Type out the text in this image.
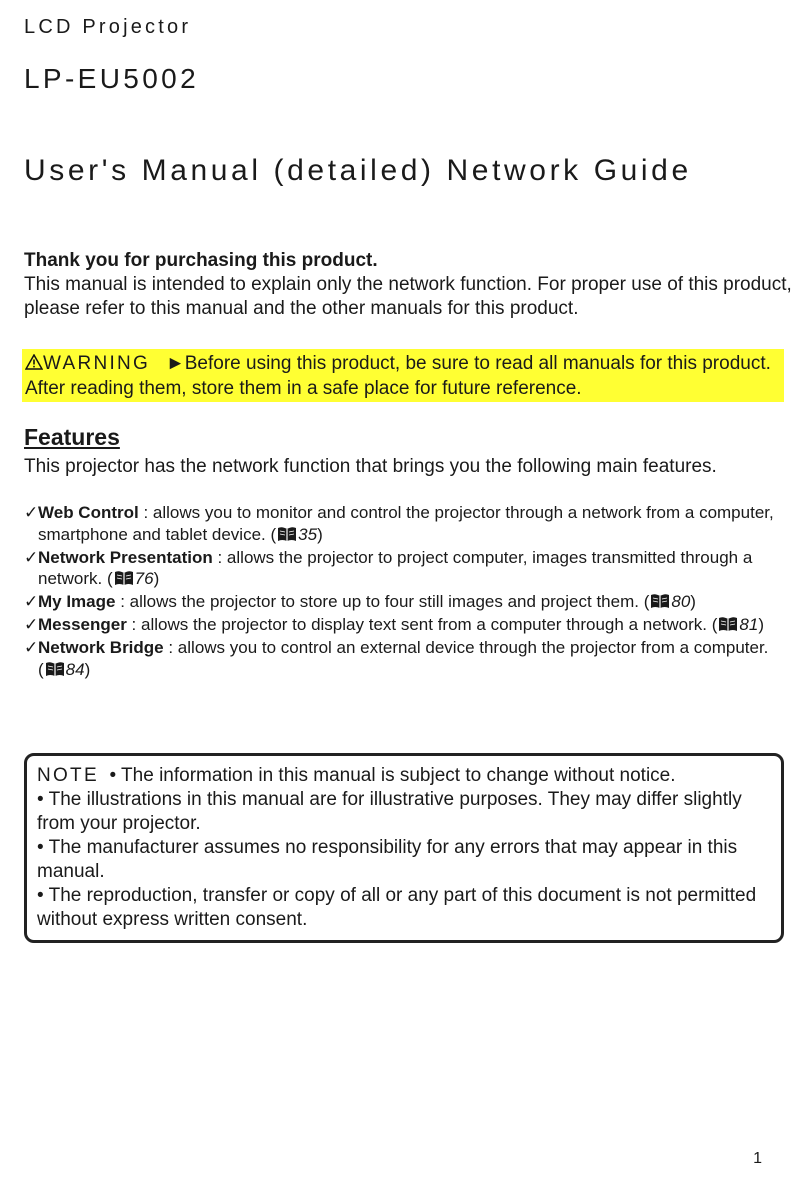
LCD Projector
LP-EU5002
User's Manual (detailed) Network Guide
Thank you for purchasing this product.
This manual is intended to explain only the network function. For proper use of this product, please refer to this manual and the other manuals for this product.
WARNING ►Before using this product, be sure to read all manuals for this product. After reading them, store them in a safe place for future reference.
Features
This projector has the network function that brings you the following main features.
✓ Web Control : allows you to monitor and control the projector through a network from a computer, smartphone and tablet device. ( 35)
✓ Network Presentation : allows the projector to project computer, images transmitted through a network. ( 76)
✓ My Image : allows the projector to store up to four still images and project them. ( 80)
✓ Messenger : allows the projector to display text sent from a computer through a network. ( 81)
✓ Network Bridge : allows you to control an external device through the projector from a computer. ( 84)
NOTE • The information in this manual is subject to change without notice.
• The illustrations in this manual are for illustrative purposes. They may differ slightly from your projector.
• The manufacturer assumes no responsibility for any errors that may appear in this manual.
• The reproduction, transfer or copy of all or any part of this document is not permitted without express written consent.
1
